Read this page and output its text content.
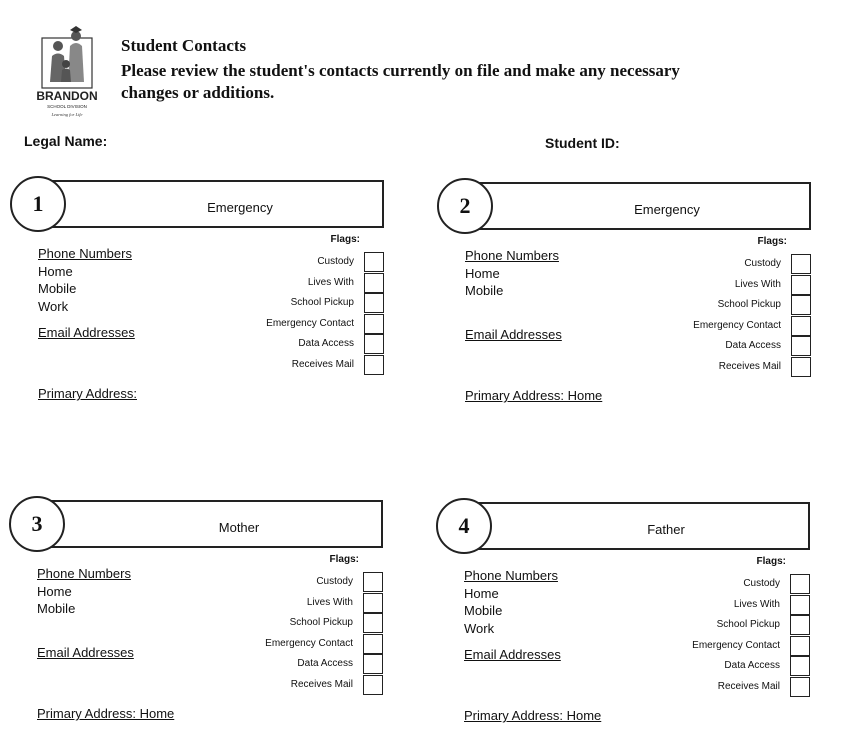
BRANDON
SCHOOL DIVISION
Learning for Life
Student Contacts
Please review the student's contacts currently on file and make any necessary
changes or additions.
Legal Name:	Student ID:
1	Emergency
Phone Numbers
Home
Mobile
Work
Email Addresses
Primary Address:
Flags:
Custody
Lives With
School Pickup
Emergency Contact
Data Access
Receives Mail
2	Emergency
Phone Numbers
Home
Mobile
Email Addresses
Primary Address: Home
Flags:
Custody
Lives With
School Pickup
Emergency Contact
Data Access
Receives Mail
3	Mother
Phone Numbers
Home
Mobile
Email Addresses
Primary Address: Home
Flags:
Custody
Lives With
School Pickup
Emergency Contact
Data Access
Receives Mail
4	Father
Phone Numbers
Home
Mobile
Work
Email Addresses
Primary Address: Home
Flags:
Custody
Lives With
School Pickup
Emergency Contact
Data Access
Receives Mail
